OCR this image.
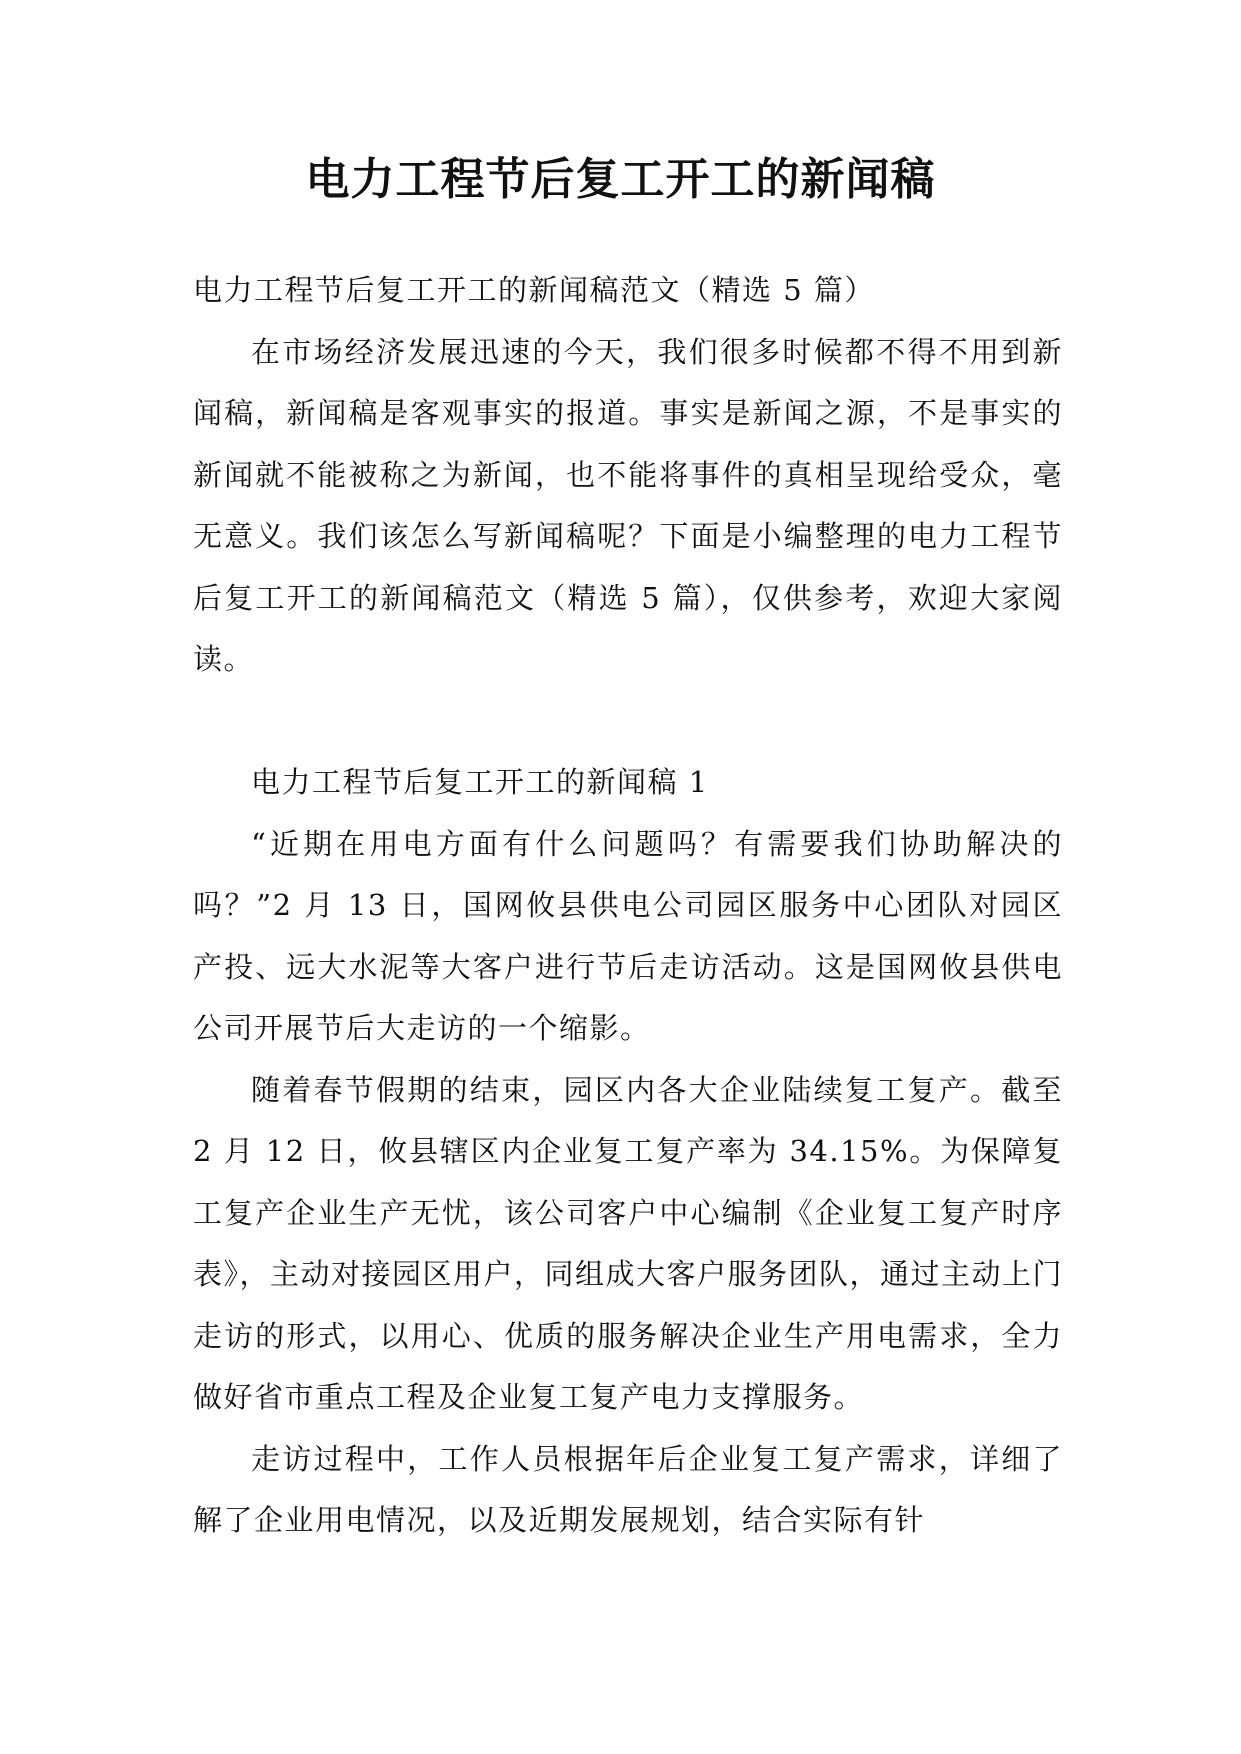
电力工程节后复工开工的新闻稿

电力工程节后复工开工的新闻稿范文（精选 5 篇）

在市场经济发展迅速的今天，我们很多时候都不得不用到新闻稿，新闻稿是客观事实的报道。事实是新闻之源，不是事实的新闻就不能被称之为新闻，也不能将事件的真相呈现给受众，毫无意义。我们该怎么写新闻稿呢？下面是小编整理的电力工程节后复工开工的新闻稿范文（精选 5 篇），仅供参考，欢迎大家阅读。

电力工程节后复工开工的新闻稿 1

“近期在用电方面有什么问题吗？有需要我们协助解决的吗？”2 月 13 日，国网攸县供电公司园区服务中心团队对园区产投、远大水泥等大客户进行节后走访活动。这是国网攸县供电公司开展节后大走访的一个缩影。

随着春节假期的结束，园区内各大企业陆续复工复产。截至 2 月 12 日，攸县辖区内企业复工复产率为 34.15%。为保障复工复产企业生产无忧，该公司客户中心编制《企业复工复产时序表》，主动对接园区用户，同组成大客户服务团队，通过主动上门走访的形式，以用心、优质的服务解决企业生产用电需求，全力做好省市重点工程及企业复工复产电力支撑服务。

走访过程中，工作人员根据年后企业复工复产需求，详细了解了企业用电情况，以及近期发展规划，结合实际有针
